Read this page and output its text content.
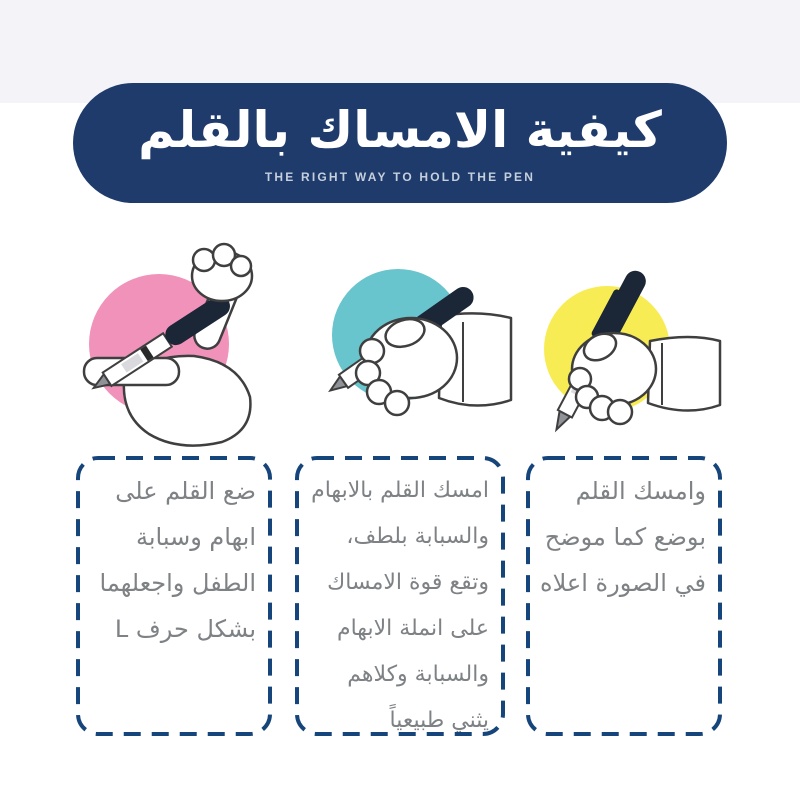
كيفية الامساك بالقلم
THE RIGHT WAY TO HOLD THE PEN
ضع القلم على
ابهام وسبابة
الطفل واجعلهما
بشكل حرف L
امسك القلم بالابهام
والسبابة بلطف،
وتقع قوة الامساك
على انملة الابهام
والسبابة وكلاهم
يثني طبيعياً
وامسك القلم
بوضع كما موضح
في الصورة اعلاه
